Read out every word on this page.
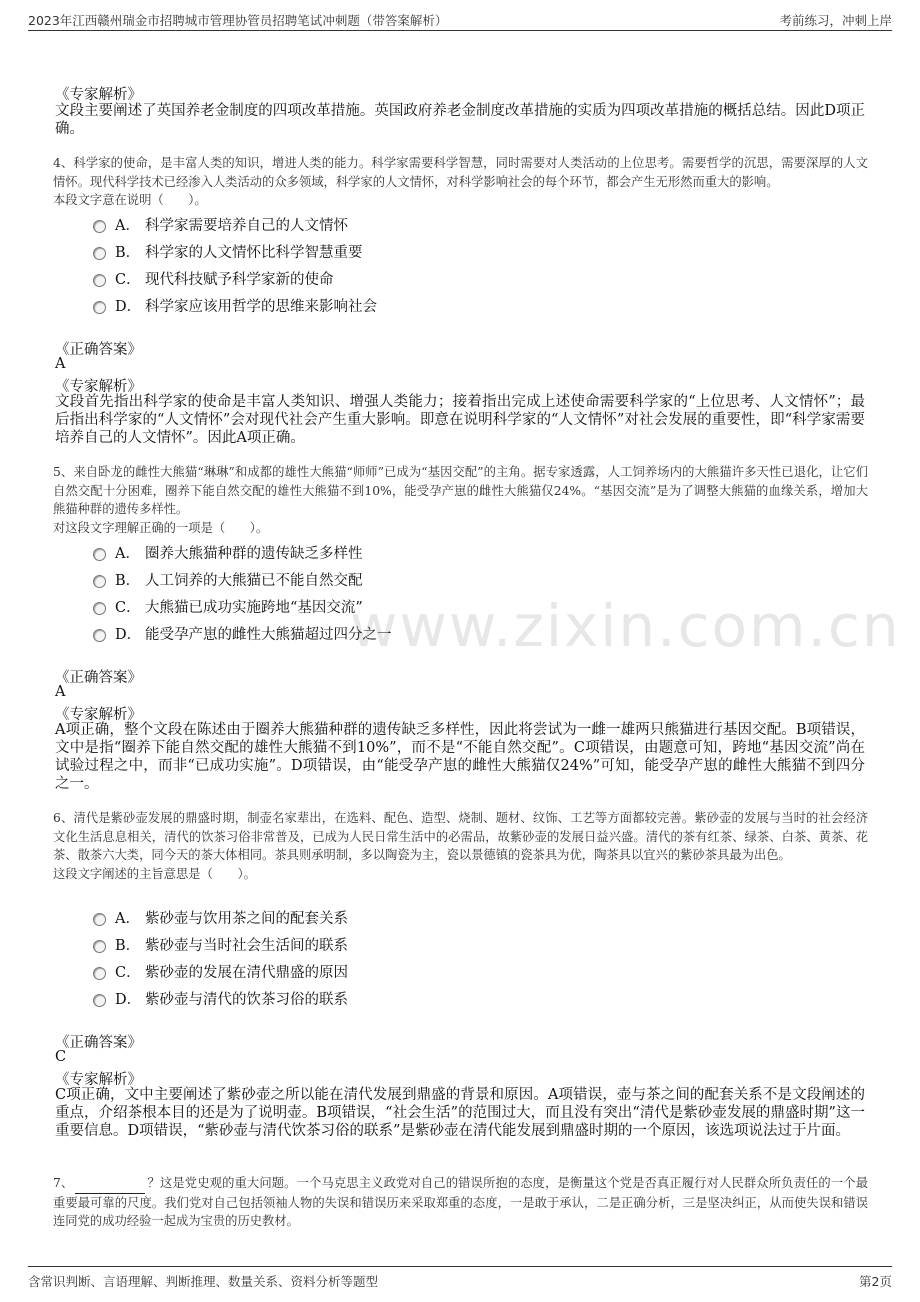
2023年江西赣州瑞金市招聘城市管理协管员招聘笔试冲刺题（带答案解析）	考前练习，冲刺上岸
www.zixin.com.cn
《专家解析》
文段主要阐述了英国养老金制度的四项改革措施。英国政府养老金制度改革措施的实质为四项改革措施的概括总结。因此D项正确。
4、科学家的使命，是丰富人类的知识，增进人类的能力。科学家需要科学智慧，同时需要对人类活动的上位思考。需要哲学的沉思，需要深厚的人文情怀。现代科学技术已经渗入人类活动的众多领域，科学家的人文情怀，对科学影响社会的每个环节，都会产生无形然而重大的影响。
本段文字意在说明（　　）。
A． 科学家需要培养自己的人文情怀
B． 科学家的人文情怀比科学智慧重要
C． 现代科技赋予科学家新的使命
D． 科学家应该用哲学的思维来影响社会
《正确答案》
A
《专家解析》
文段首先指出科学家的使命是丰富人类知识、增强人类能力；接着指出完成上述使命需要科学家的“上位思考、人文情怀”；最后指出科学家的“人文情怀”会对现代社会产生重大影响。即意在说明科学家的“人文情怀”对社会发展的重要性，即“科学家需要培养自己的人文情怀”。因此A项正确。
5、来自卧龙的雌性大熊猫“琳琳”和成都的雄性大熊猫“师师”已成为“基因交配”的主角。据专家透露，人工饲养场内的大熊猫许多天性已退化，让它们自然交配十分困难，圈养下能自然交配的雄性大熊猫不到10%，能受孕产崽的雌性大熊猫仅24%。“基因交流”是为了调整大熊猫的血缘关系，增加大熊猫种群的遗传多样性。
对这段文字理解正确的一项是（　　）。
A． 圈养大熊猫种群的遗传缺乏多样性
B． 人工饲养的大熊猫已不能自然交配
C． 大熊猫已成功实施跨地“基因交流”
D． 能受孕产崽的雌性大熊猫超过四分之一
《正确答案》
A
《专家解析》
A项正确，整个文段在陈述由于圈养大熊猫种群的遗传缺乏多样性，因此将尝试为一雌一雄两只熊猫进行基因交配。B项错误，文中是指“圈养下能自然交配的雄性大熊猫不到10%”，而不是“不能自然交配”。C项错误，由题意可知，跨地“基因交流”尚在试验过程之中，而非“已成功实施”。D项错误，由“能受孕产崽的雌性大熊猫仅24%”可知，能受孕产崽的雌性大熊猫不到四分之一。
6、清代是紫砂壶发展的鼎盛时期，制壶名家辈出，在选料、配色、造型、烧制、题材、纹饰、工艺等方面都较完善。紫砂壶的发展与当时的社会经济文化生活息息相关，清代的饮茶习俗非常普及，已成为人民日常生活中的必需品，故紫砂壶的发展日益兴盛。清代的茶有红茶、绿茶、白茶、黄茶、花茶、散茶六大类，同今天的茶大体相同。茶具则承明制，多以陶瓷为主，瓷以景德镇的瓷茶具为优，陶茶具以宜兴的紫砂茶具最为出色。
这段文字阐述的主旨意思是（　　）。
A． 紫砂壶与饮用茶之间的配套关系
B． 紫砂壶与当时社会生活间的联系
C． 紫砂壶的发展在清代鼎盛的原因
D． 紫砂壶与清代的饮茶习俗的联系
《正确答案》
C
《专家解析》
C项正确，文中主要阐述了紫砂壶之所以能在清代发展到鼎盛的背景和原因。A项错误，壶与茶之间的配套关系不是文段阐述的重点，介绍茶根本目的还是为了说明壶。B项错误，“社会生活”的范围过大，而且没有突出“清代是紫砂壶发展的鼎盛时期”这一重要信息。D项错误，“紫砂壶与清代饮茶习俗的联系”是紫砂壶在清代能发展到鼎盛时期的一个原因，该选项说法过于片面。
7、	？这是党史观的重大问题。一个马克思主义政党对自己的错误所抱的态度，是衡量这个党是否真正履行对人民群众所负责任的一个最重要最可靠的尺度。我们党对自己包括领袖人物的失误和错误历来采取郑重的态度，一是敢于承认，二是正确分析，三是坚决纠正，从而使失误和错误连同党的成功经验一起成为宝贵的历史教材。
含常识判断、言语理解、判断推理、数量关系、资料分析等题型	第2页
